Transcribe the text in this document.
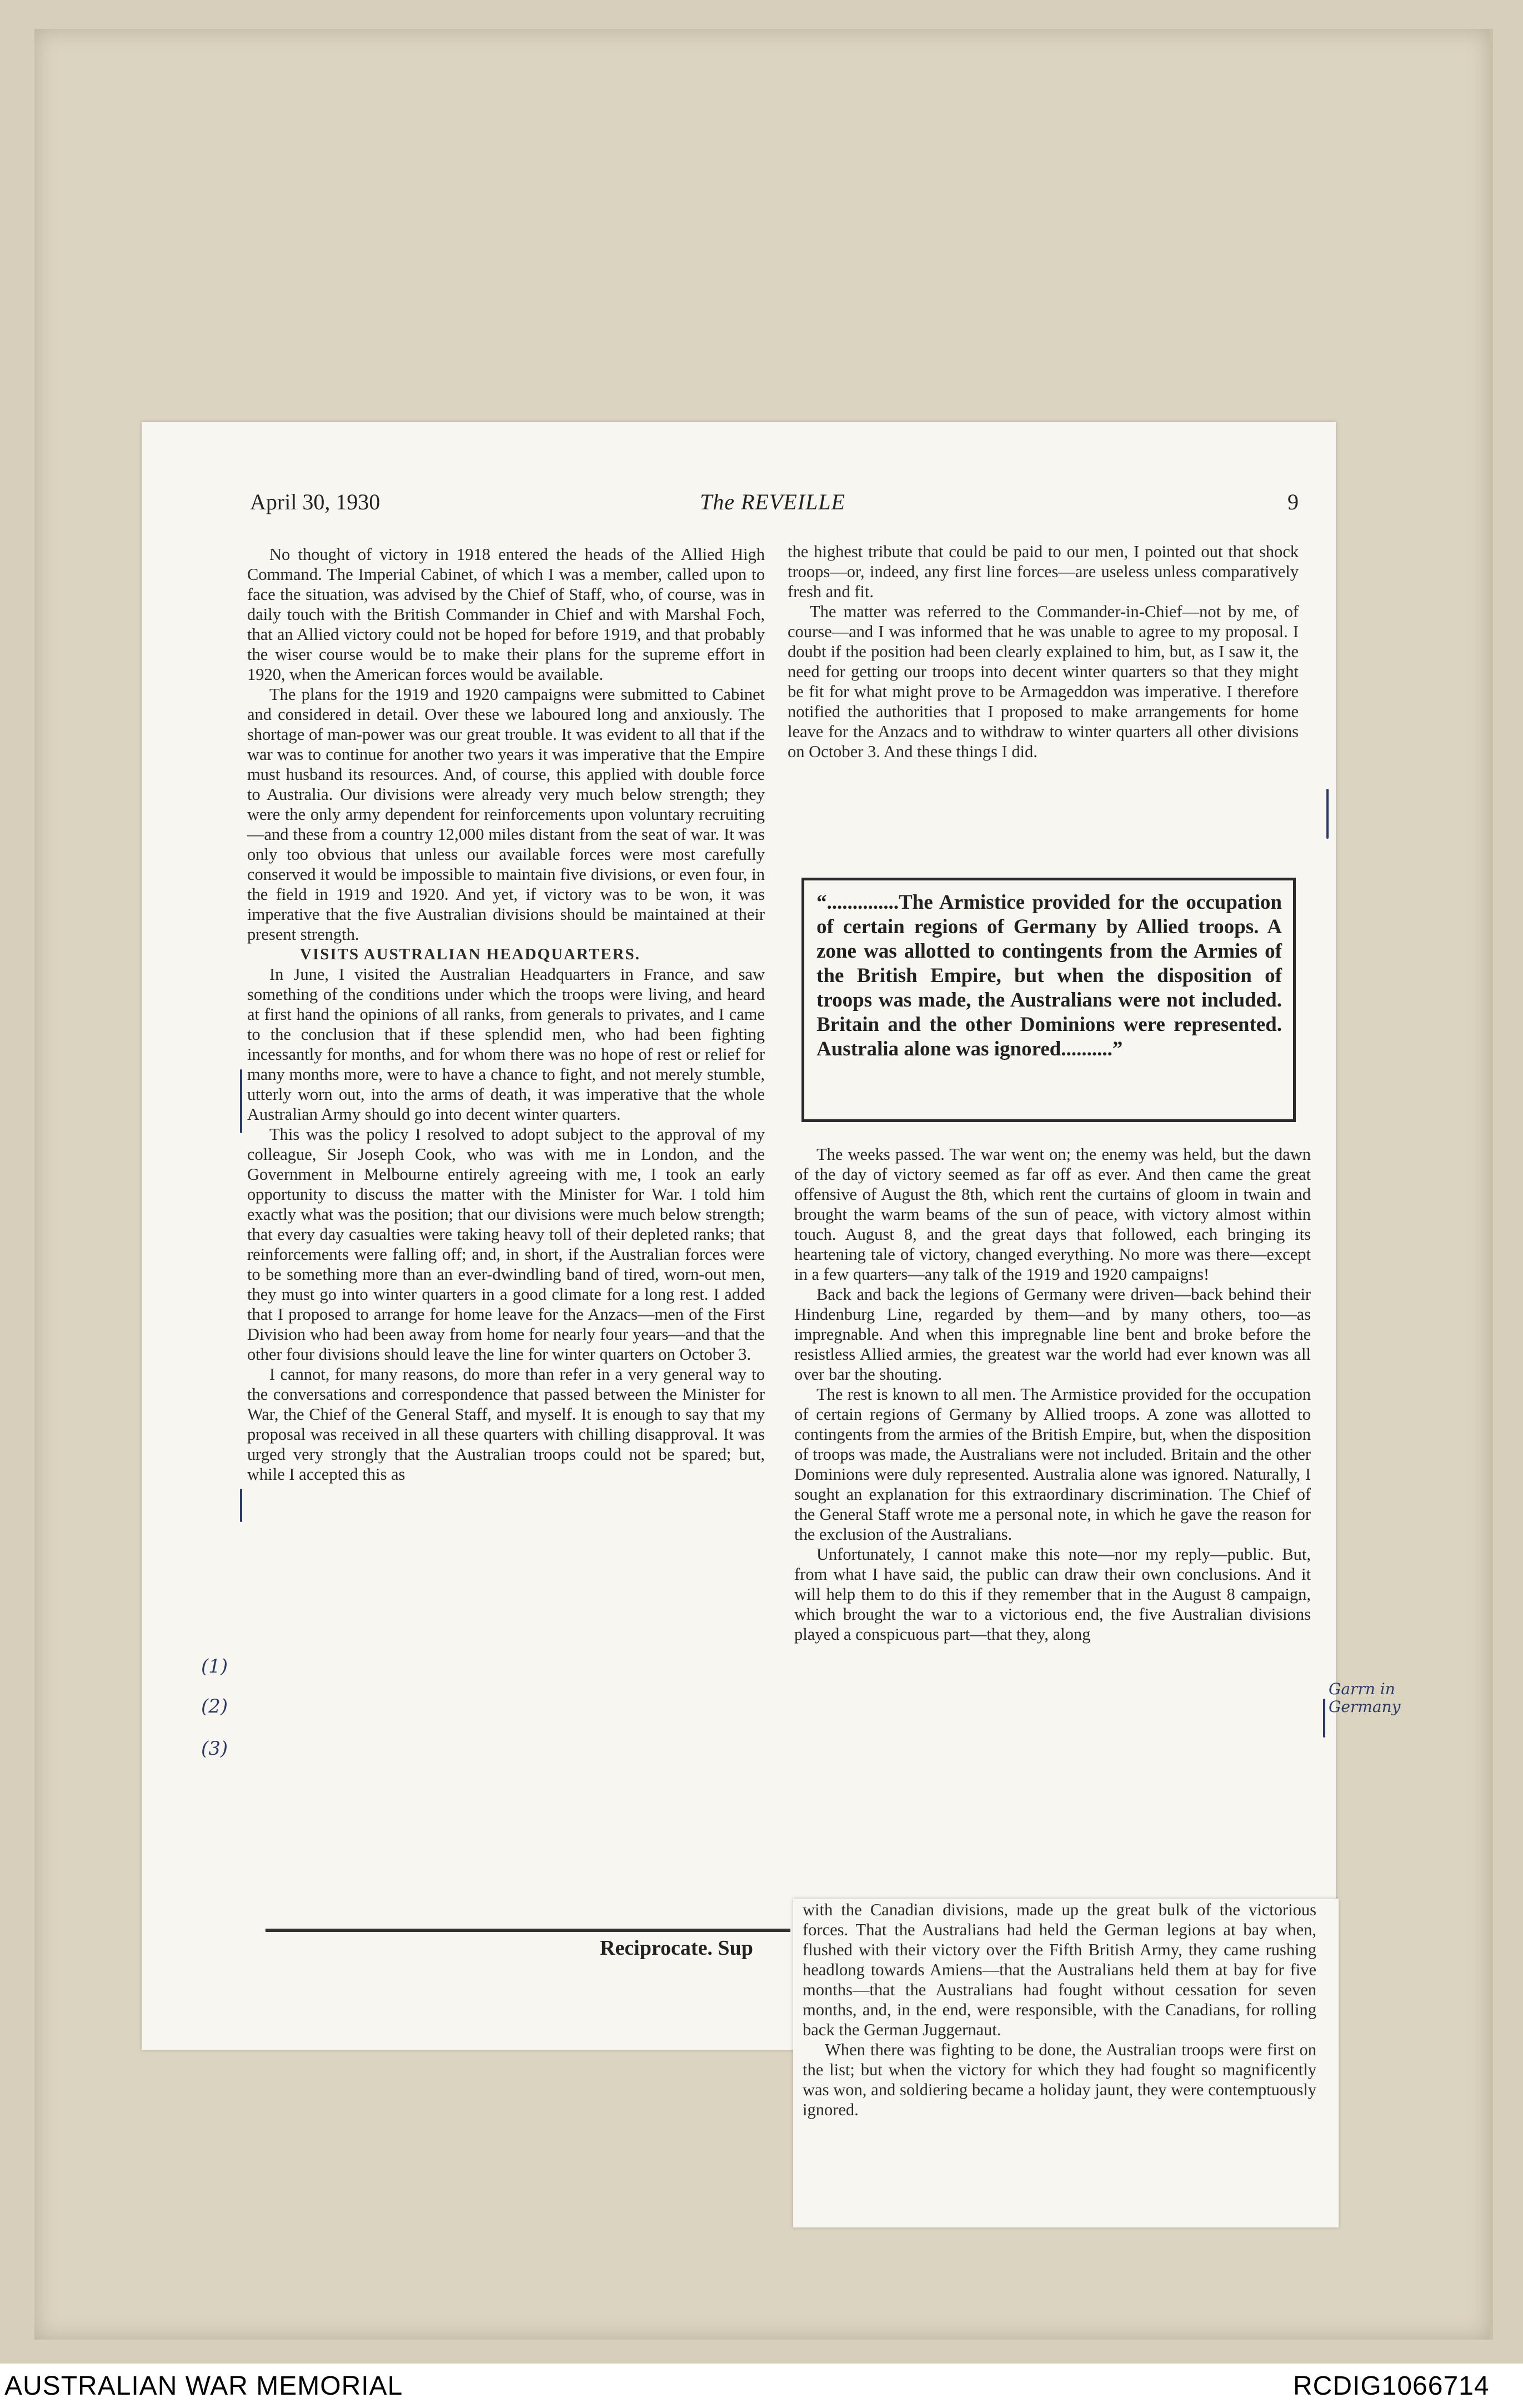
April 30, 1930	The REVEILLE	9

No thought of victory in 1918 entered the heads of the Allied High Command. The Imperial Cabinet, of which I was a member, called upon to face the situation, was advised by the Chief of Staff, who, of course, was in daily touch with the British Commander in Chief and with Marshal Foch, that an Allied victory could not be hoped for before 1919, and that probably the wiser course would be to make their plans for the supreme effort in 1920, when the American forces would be available.

The plans for the 1919 and 1920 campaigns were submitted to Cabinet and considered in detail. Over these we laboured long and anxiously. The shortage of man-power was our great trouble. It was evident to all that if the war was to continue for another two years it was imperative that the Empire must husband its resources. And, of course, this applied with double force to Australia. Our divisions were already very much below strength; they were the only army dependent for reinforcements upon voluntary recruiting—and these from a country 12,000 miles distant from the seat of war. It was only too obvious that unless our available forces were most carefully conserved it would be impossible to maintain five divisions, or even four, in the field in 1919 and 1920. And yet, if victory was to be won, it was imperative that the five Australian divisions should be maintained at their present strength.

VISITS AUSTRALIAN HEADQUARTERS.

In June, I visited the Australian Headquarters in France, and saw something of the conditions under which the troops were living, and heard at first hand the opinions of all ranks, from generals to privates, and I came to the conclusion that if these splendid men, who had been fighting incessantly for months, and for whom there was no hope of rest or relief for many months more, were to have a chance to fight, and not merely stumble, utterly worn out, into the arms of death, it was imperative that the whole Australian Army should go into decent winter quarters.

This was the policy I resolved to adopt subject to the approval of my colleague, Sir Joseph Cook, who was with me in London, and the Government in Melbourne entirely agreeing with me, I took an early opportunity to discuss the matter with the Minister for War. I told him exactly what was the position; that our divisions were much below strength; that every day casualties were taking heavy toll of their depleted ranks; that reinforcements were falling off; and, in short, if the Australian forces were to be something more than an ever-dwindling band of tired, worn-out men, they must go into winter quarters in a good climate for a long rest. I added that I proposed to arrange for home leave for the Anzacs—men of the First Division who had been away from home for nearly four years—and that the other four divisions should leave the line for winter quarters on October 3.

I cannot, for many reasons, do more than refer in a very general way to the conversations and correspondence that passed between the Minister for War, the Chief of the General Staff, and myself. It is enough to say that my proposal was received in all these quarters with chilling disapproval. It was urged very strongly that the Australian troops could not be spared; but, while I accepted this as

the highest tribute that could be paid to our men, I pointed out that shock troops—or, indeed, any first line forces—are useless unless comparatively fresh and fit.

The matter was referred to the Commander-in-Chief—not by me, of course—and I was informed that he was unable to agree to my proposal. I doubt if the position had been clearly explained to him, but, as I saw it, the need for getting our troops into decent winter quarters so that they might be fit for what might prove to be Armageddon was imperative. I therefore notified the authorities that I proposed to make arrangements for home leave for the Anzacs and to withdraw to winter quarters all other divisions on October 3. And these things I did.

“..............The Armistice provided for the occupation of certain regions of Germany by Allied troops. A zone was allotted to contingents from the Armies of the British Empire, but when the disposition of troops was made, the Australians were not included. Britain and the other Dominions were represented. Australia alone was ignored..........”

The weeks passed. The war went on; the enemy was held, but the dawn of the day of victory seemed as far off as ever. And then came the great offensive of August the 8th, which rent the curtains of gloom in twain and brought the warm beams of the sun of peace, with victory almost within touch. August 8, and the great days that followed, each bringing its heartening tale of victory, changed everything. No more was there—except in a few quarters—any talk of the 1919 and 1920 campaigns!

Back and back the legions of Germany were driven—back behind their Hindenburg Line, regarded by them—and by many others, too—as impregnable. And when this impregnable line bent and broke before the resistless Allied armies, the greatest war the world had ever known was all over bar the shouting.

The rest is known to all men. The Armistice provided for the occupation of certain regions of Germany by Allied troops. A zone was allotted to contingents from the armies of the British Empire, but, when the disposition of troops was made, the Australians were not included. Britain and the other Dominions were duly represented. Australia alone was ignored. Naturally, I sought an explanation for this extraordinary discrimination. The Chief of the General Staff wrote me a personal note, in which he gave the reason for the exclusion of the Australians.

Unfortunately, I cannot make this note—nor my reply—public. But, from what I have said, the public can draw their own conclusions. And it will help them to do this if they remember that in the August 8 campaign, which brought the war to a victorious end, the five Australian divisions played a conspicuous part—that they, along

with the Canadian divisions, made up the great bulk of the victorious forces. That the Australians had held the German legions at bay when, flushed with their victory over the Fifth British Army, they came rushing headlong towards Amiens—that the Australians held them at bay for five months—that the Australians had fought without cessation for seven months, and, in the end, were responsible, with the Canadians, for rolling back the German Juggernaut.

When there was fighting to be done, the Australian troops were first on the list; but when the victory for which they had fought so magnificently was won, and soldiering became a holiday jaunt, they were contemptuously ignored.

Reciprocate. Sup
(1)
(2)
(3)
Garrn in Germany
AUSTRALIAN WAR MEMORIAL	RCDIG1066714
